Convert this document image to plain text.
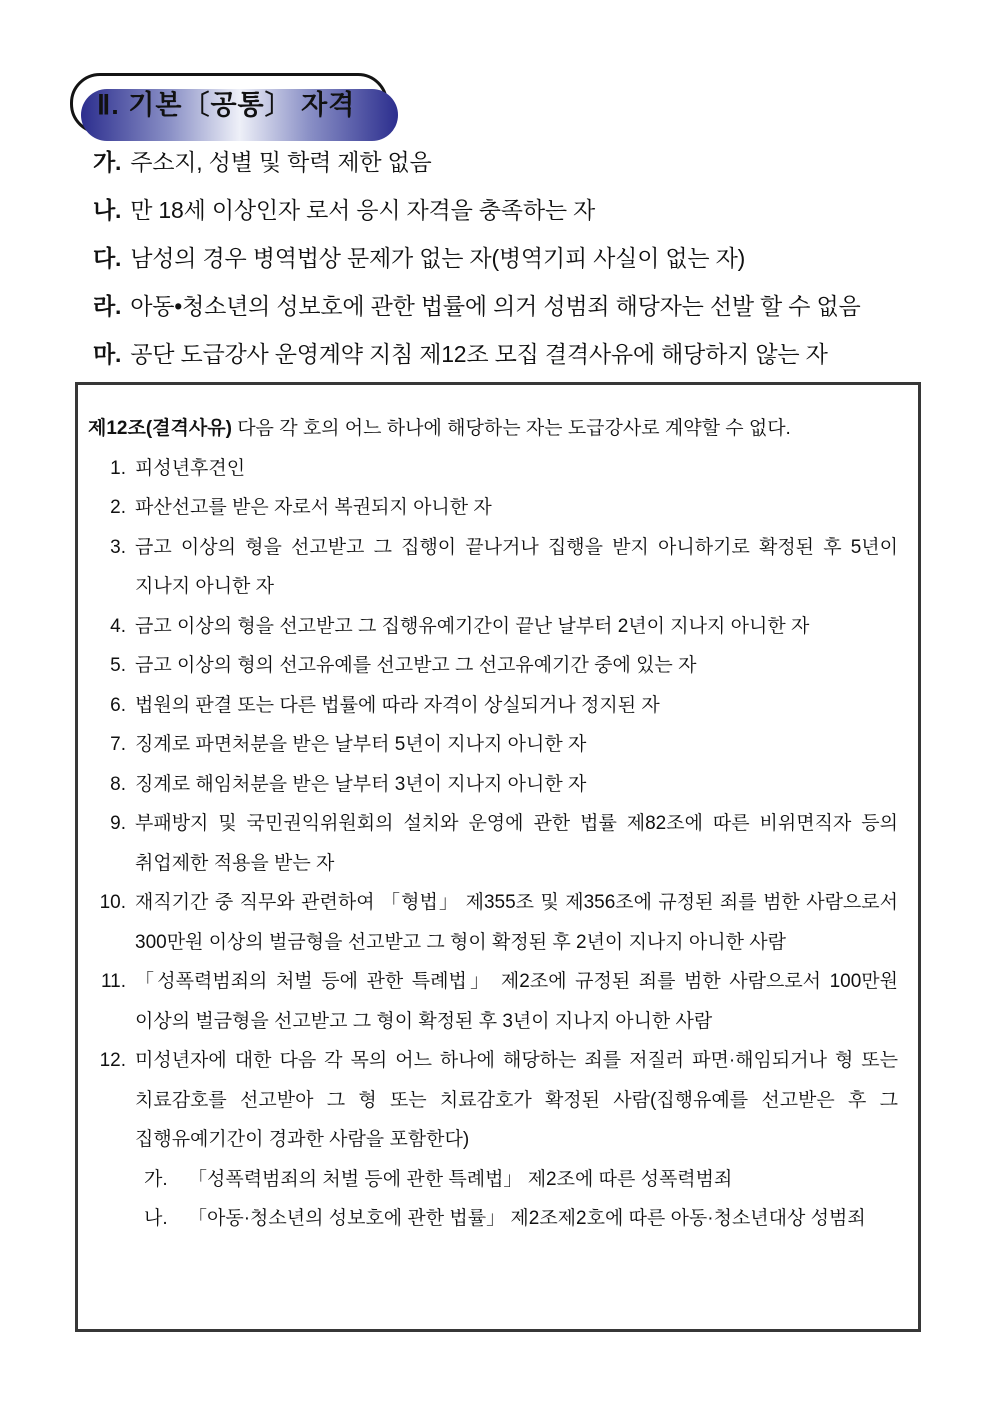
Ⅱ. 기본〔공통〕 자격
가. 주소지, 성별 및 학력 제한 없음
나. 만 18세 이상인자 로서 응시 자격을 충족하는 자
다. 남성의 경우 병역법상 문제가 없는 자(병역기피 사실이 없는 자)
라. 아동•청소년의 성보호에 관한 법률에 의거 성범죄 해당자는 선발 할 수 없음
마. 공단 도급강사 운영계약 지침 제12조 모집 결격사유에 해당하지 않는 자

제12조(결격사유) 다음 각 호의 어느 하나에 해당하는 자는 도급강사로 계약할 수 없다.

1. 피성년후견인
2. 파산선고를 받은 자로서 복권되지 아니한 자
3. 금고 이상의 형을 선고받고 그 집행이 끝나거나 집행을 받지 아니하기로 확정된 후 5년이 지나지 아니한 자
4. 금고 이상의 형을 선고받고 그 집행유예기간이 끝난 날부터 2년이 지나지 아니한 자
5. 금고 이상의 형의 선고유예를 선고받고 그 선고유예기간 중에 있는 자
6. 법원의 판결 또는 다른 법률에 따라 자격이 상실되거나 정지된 자
7. 징계로 파면처분을 받은 날부터 5년이 지나지 아니한 자
8. 징계로 해임처분을 받은 날부터 3년이 지나지 아니한 자
9. 부패방지 및 국민권익위원회의 설치와 운영에 관한 법률 제82조에 따른 비위면직자 등의 취업제한 적용을 받는 자
10. 재직기간 중 직무와 관련하여 「형법」 제355조 및 제356조에 규정된 죄를 범한 사람으로서 300만원 이상의 벌금형을 선고받고 그 형이 확정된 후 2년이 지나지 아니한 사람
11. 「성폭력범죄의 처벌 등에 관한 특례법」 제2조에 규정된 죄를 범한 사람으로서 100만원 이상의 벌금형을 선고받고 그 형이 확정된 후 3년이 지나지 아니한 사람
12. 미성년자에 대한 다음 각 목의 어느 하나에 해당하는 죄를 저질러 파면·해임되거나 형 또는 치료감호를 선고받아 그 형 또는 치료감호가 확정된 사람(집행유예를 선고받은 후 그 집행유예기간이 경과한 사람을 포함한다)
가. 「성폭력범죄의 처벌 등에 관한 특례법」 제2조에 따른 성폭력범죄
나. 「아동·청소년의 성보호에 관한 법률」 제2조제2호에 따른 아동·청소년대상 성범죄
